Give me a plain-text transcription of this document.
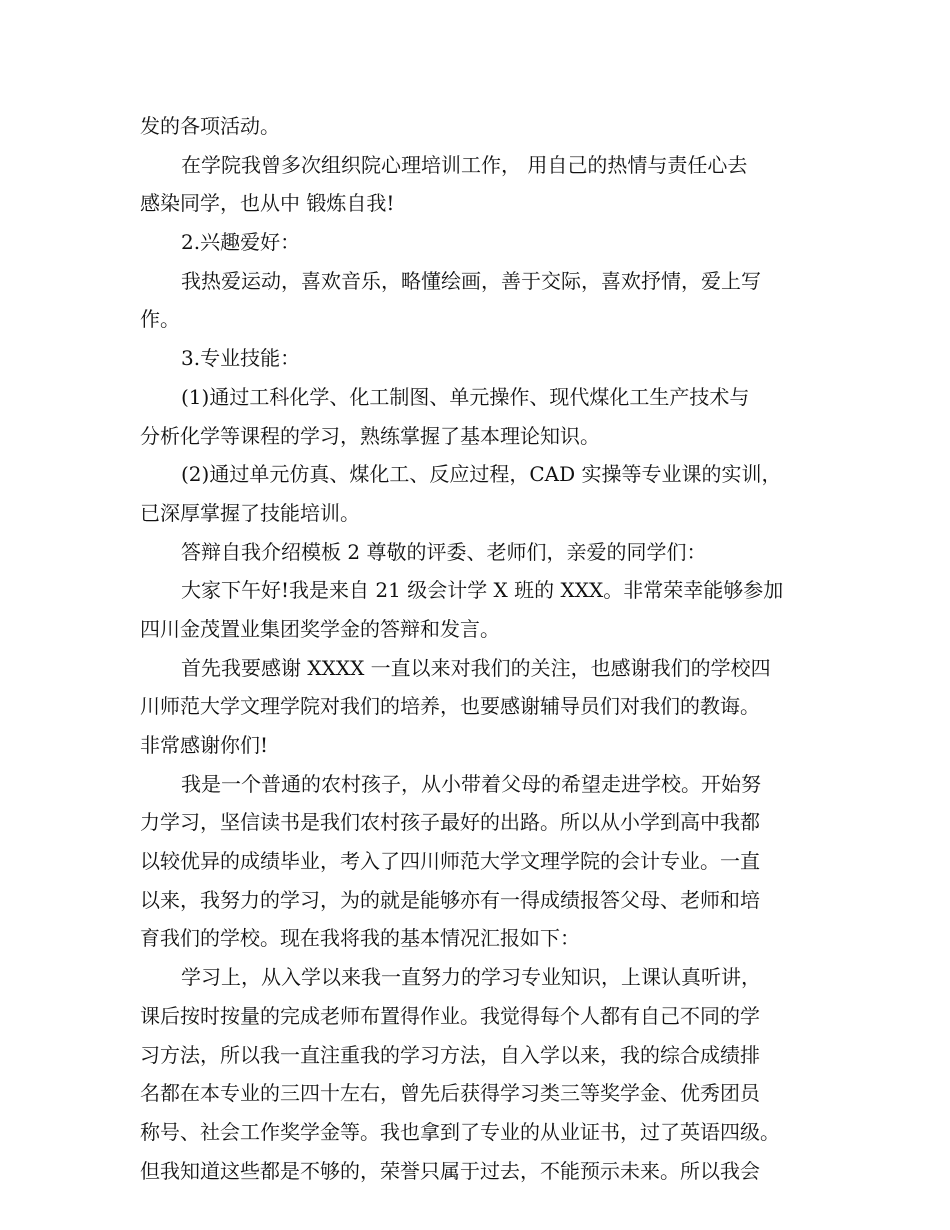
发的各项活动。
在学院我曾多次组织院心理培训工作， 用自己的热情与责任心去
感染同学，也从中 锻炼自我!
2.兴趣爱好：
我热爱运动，喜欢音乐，略懂绘画，善于交际，喜欢抒情，爱上写
作。
3.专业技能：
(1)通过工科化学、化工制图、单元操作、现代煤化工生产技术与
分析化学等课程的学习，熟练掌握了基本理论知识。
(2)通过单元仿真、煤化工、反应过程，CAD 实操等专业课的实训，
已深厚掌握了技能培训。
答辩自我介绍模板 2 尊敬的评委、老师们，亲爱的同学们：
大家下午好!我是来自 21 级会计学 X 班的 XXX。非常荣幸能够参加
四川金茂置业集团奖学金的答辩和发言。
首先我要感谢 XXXX 一直以来对我们的关注，也感谢我们的学校四
川师范大学文理学院对我们的培养，也要感谢辅导员们对我们的教诲。
非常感谢你们!
我是一个普通的农村孩子，从小带着父母的希望走进学校。开始努
力学习，坚信读书是我们农村孩子最好的出路。所以从小学到高中我都
以较优异的成绩毕业，考入了四川师范大学文理学院的会计专业。一直
以来，我努力的学习，为的就是能够亦有一得成绩报答父母、老师和培
育我们的学校。现在我将我的基本情况汇报如下：
学习上，从入学以来我一直努力的学习专业知识，上课认真听讲，
课后按时按量的完成老师布置得作业。我觉得每个人都有自己不同的学
习方法，所以我一直注重我的学习方法，自入学以来，我的综合成绩排
名都在本专业的三四十左右，曾先后获得学习类三等奖学金、优秀团员
称号、社会工作奖学金等。我也拿到了专业的从业证书，过了英语四级。
但我知道这些都是不够的，荣誉只属于过去，不能预示未来。所以我会
